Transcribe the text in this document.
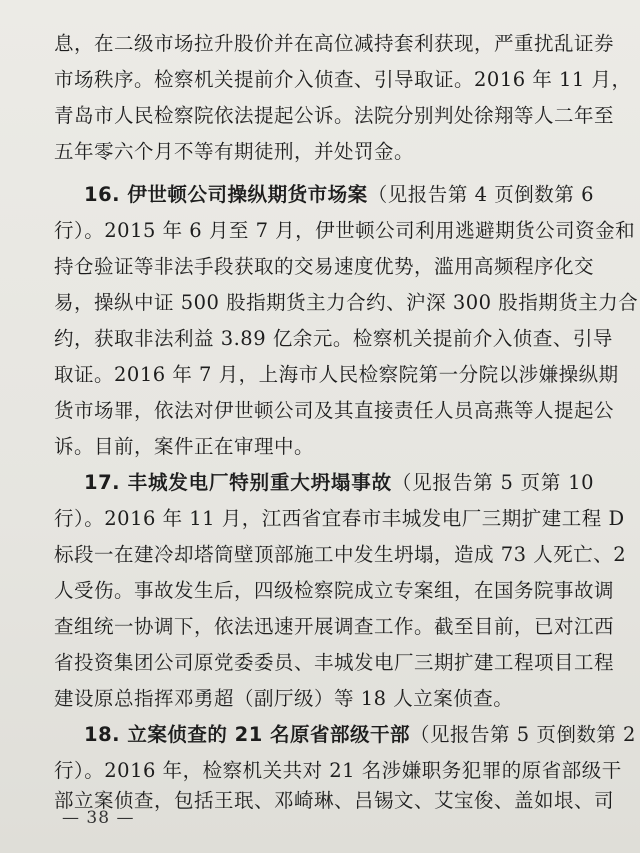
息，在二级市场拉升股价并在高位减持套利获现，严重扰乱证券
市场秩序。检察机关提前介入侦查、引导取证。2016 年 11 月，
青岛市人民检察院依法提起公诉。法院分别判处徐翔等人二年至
五年零六个月不等有期徒刑，并处罚金。
16. 伊世顿公司操纵期货市场案（见报告第 4 页倒数第 6
行）。2015 年 6 月至 7 月，伊世顿公司利用逃避期货公司资金和
持仓验证等非法手段获取的交易速度优势，滥用高频程序化交
易，操纵中证 500 股指期货主力合约、沪深 300 股指期货主力合
约，获取非法利益 3.89 亿余元。检察机关提前介入侦查、引导
取证。2016 年 7 月，上海市人民检察院第一分院以涉嫌操纵期
货市场罪，依法对伊世顿公司及其直接责任人员高燕等人提起公
诉。目前，案件正在审理中。
17. 丰城发电厂特别重大坍塌事故（见报告第 5 页第 10
行）。2016 年 11 月，江西省宜春市丰城发电厂三期扩建工程 D
标段一在建冷却塔筒壁顶部施工中发生坍塌，造成 73 人死亡、2
人受伤。事故发生后，四级检察院成立专案组，在国务院事故调
查组统一协调下，依法迅速开展调查工作。截至目前，已对江西
省投资集团公司原党委委员、丰城发电厂三期扩建工程项目工程
建设原总指挥邓勇超（副厅级）等 18 人立案侦查。
18. 立案侦查的 21 名原省部级干部（见报告第 5 页倒数第 2
行）。2016 年，检察机关共对 21 名涉嫌职务犯罪的原省部级干
部立案侦查，包括王珉、邓崎琳、吕锡文、艾宝俊、盖如垠、司
— 38 —
